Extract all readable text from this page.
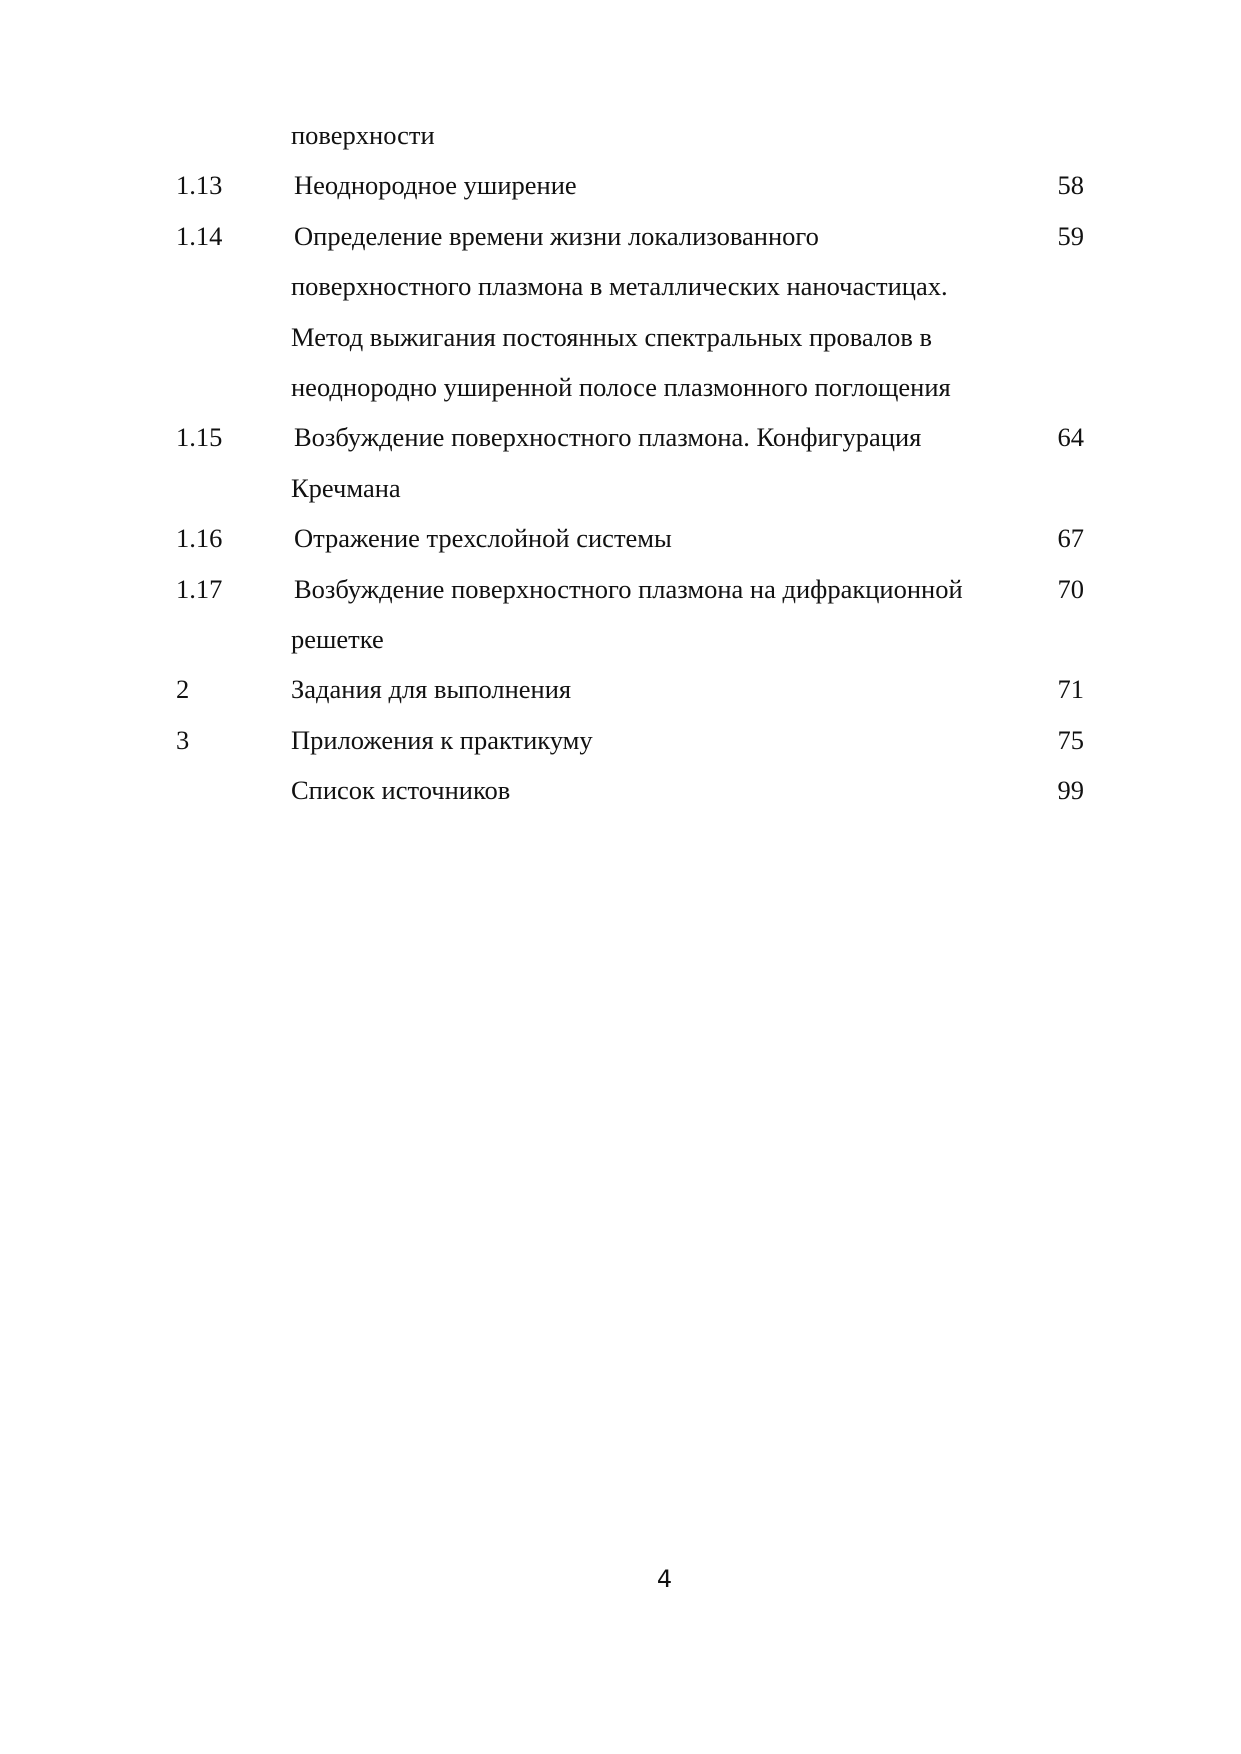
поверхности
1.13	Неоднородное уширение	58
1.14	Определение времени жизни локализованного	59
поверхностного плазмона в металлических наночастицах.
Метод выжигания постоянных спектральных провалов в
неоднородно уширенной полосе плазмонного поглощения
1.15	Возбуждение поверхностного плазмона. Конфигурация	64
Кречмана
1.16	Отражение трехслойной системы	67
1.17	Возбуждение поверхностного плазмона на дифракционной	70
решетке
2	Задания для выполнения	71
3	Приложения к практикуму	75
Список источников	99
4
